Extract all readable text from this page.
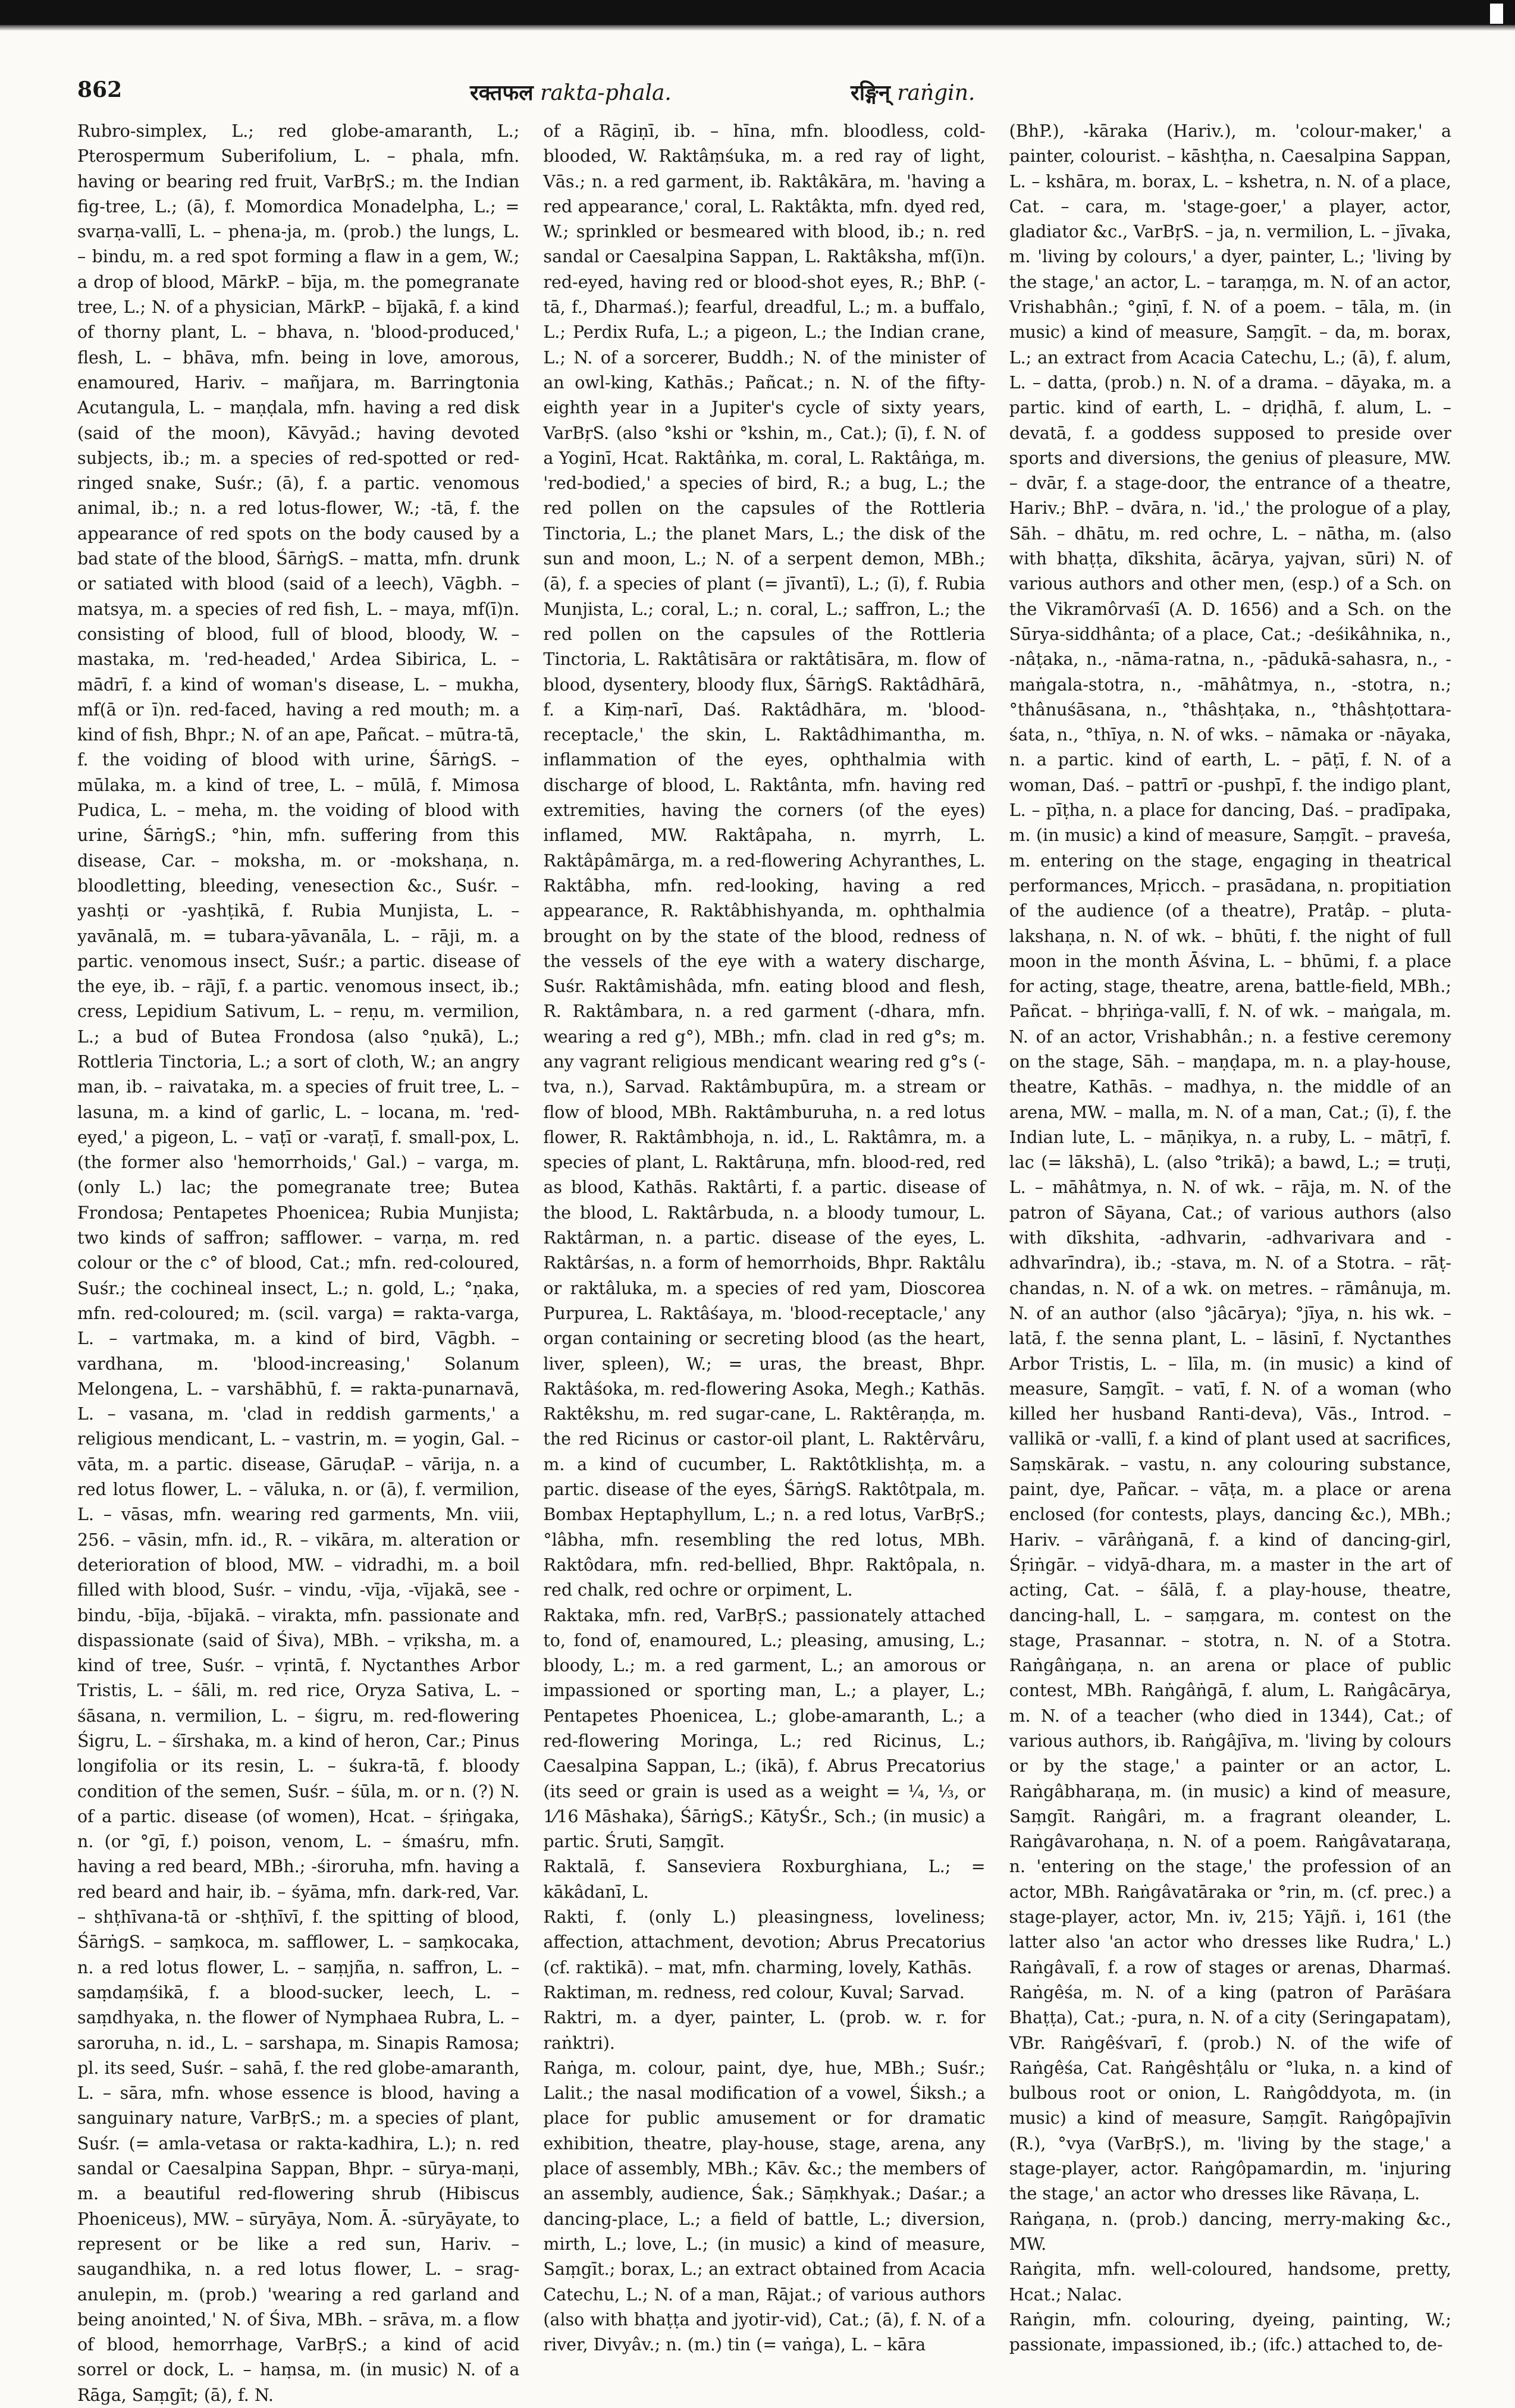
862	रक्तफल rakta-phala.	रङ्गिन् raṅgin.

Rubro-simplex, L.; red globe-amaranth, L.; Pterospermum Suberifolium, L. – phala, mfn. having or bearing red fruit, VarBṛS.; m. the Indian fig-tree, L.; (ā), f. Momordica Monadelpha, L.; = svarṇa-vallī, L. – phena-ja, m. (prob.) the lungs, L. – bindu, m. a red spot forming a flaw in a gem, W.; a drop of blood, MārkP. – bīja, m. the pomegranate tree, L.; N. of a physician, MārkP. – bījakā, f. a kind of thorny plant, L. – bhava, n. 'blood-produced,' flesh, L. – bhāva, mfn. being in love, amorous, enamoured, Hariv. – mañjara, m. Barringtonia Acutangula, L. – maṇḍala, mfn. having a red disk (said of the moon), Kāvyād.; having devoted subjects, ib.; m. a species of red-spotted or red-ringed snake, Suśr.; (ā), f. a partic. venomous animal, ib.; n. a red lotus-flower, W.; -tā, f. the appearance of red spots on the body caused by a bad state of the blood, ŚārṅgS. – matta, mfn. drunk or satiated with blood (said of a leech), Vāgbh. – matsya, m. a species of red fish, L. – maya, mf(ī)n. consisting of blood, full of blood, bloody, W. – mastaka, m. 'red-headed,' Ardea Sibirica, L. – mādrī, f. a kind of woman's disease, L. – mukha, mf(ā or ī)n. red-faced, having a red mouth; m. a kind of fish, Bhpr.; N. of an ape, Pañcat. – mūtra-tā, f. the voiding of blood with urine, ŚārṅgS. – mūlaka, m. a kind of tree, L. – mūlā, f. Mimosa Pudica, L. – meha, m. the voiding of blood with urine, ŚārṅgS.; °hin, mfn. suffering from this disease, Car. – moksha, m. or -mokshaṇa, n. bloodletting, bleeding, venesection &c., Suśr. – yashṭi or -yashṭikā, f. Rubia Munjista, L. – yavānalā, m. = tubara-yāvanāla, L. – rāji, m. a partic. venomous insect, Suśr.; a partic. disease of the eye, ib. – rājī, f. a partic. venomous insect, ib.; cress, Lepidium Sativum, L. – reṇu, m. vermilion, L.; a bud of Butea Frondosa (also °ṇukā), L.; Rottleria Tinctoria, L.; a sort of cloth, W.; an angry man, ib. – raivataka, m. a species of fruit tree, L. – lasuna, m. a kind of garlic, L. – locana, m. 'red-eyed,' a pigeon, L. – vaṭī or -varaṭī, f. small-pox, L. (the former also 'hemorrhoids,' Gal.) – varga, m. (only L.) lac; the pomegranate tree; Butea Frondosa; Pentapetes Phoenicea; Rubia Munjista; two kinds of saffron; safflower. – varṇa, m. red colour or the c° of blood, Cat.; mfn. red-coloured, Suśr.; the cochineal insect, L.; n. gold, L.; °ṇaka, mfn. red-coloured; m. (scil. varga) = rakta-varga, L. – vartmaka, m. a kind of bird, Vāgbh. – vardhana, m. 'blood-increasing,' Solanum Melongena, L. – varshābhū, f. = rakta-punarnavā, L. – vasana, m. 'clad in reddish garments,' a religious mendicant, L. – vastrin, m. = yogin, Gal. – vāta, m. a partic. disease, GāruḍaP. – vārija, n. a red lotus flower, L. – vāluka, n. or (ā), f. vermilion, L. – vāsas, mfn. wearing red garments, Mn. viii, 256. – vāsin, mfn. id., R. – vikāra, m. alteration or deterioration of blood, MW. – vidradhi, m. a boil filled with blood, Suśr. – vindu, -vīja, -vījakā, see -bindu, -bīja, -bījakā. – virakta, mfn. passionate and dispassionate (said of Śiva), MBh. – vṛiksha, m. a kind of tree, Suśr. – vṛintā, f. Nyctanthes Arbor Tristis, L. – śāli, m. red rice, Oryza Sativa, L. – śāsana, n. vermilion, L. – śigru, m. red-flowering Śigru, L. – śīrshaka, m. a kind of heron, Car.; Pinus longifolia or its resin, L. – śukra-tā, f. bloody condition of the semen, Suśr. – śūla, m. or n. (?) N. of a partic. disease (of women), Hcat. – śṛiṅgaka, n. (or °gī, f.) poison, venom, L. – śmaśru, mfn. having a red beard, MBh.; -śiroruha, mfn. having a red beard and hair, ib. – śyāma, mfn. dark-red, Var. – shṭhīvana-tā or -shṭhīvī, f. the spitting of blood, ŚārṅgS. – saṃkoca, m. safflower, L. – saṃkocaka, n. a red lotus flower, L. – saṃjña, n. saffron, L. – saṃdaṃśikā, f. a blood-sucker, leech, L. – saṃdhyaka, n. the flower of Nymphaea Rubra, L. – saroruha, n. id., L. – sarshapa, m. Sinapis Ramosa; pl. its seed, Suśr. – sahā, f. the red globe-amaranth, L. – sāra, mfn. whose essence is blood, having a sanguinary nature, VarBṛS.; m. a species of plant, Suśr. (= amla-vetasa or rakta-kadhira, L.); n. red sandal or Caesalpina Sappan, Bhpr. – sūrya-maṇi, m. a beautiful red-flowering shrub (Hibiscus Phoeniceus), MW. – sūryāya, Nom. Ā. -sūryāyate, to represent or be like a red sun, Hariv. – saugandhika, n. a red lotus flower, L. – srag-anulepin, m. (prob.) 'wearing a red garland and being anointed,' N. of Śiva, MBh. – srāva, m. a flow of blood, hemorrhage, VarBṛS.; a kind of acid sorrel or dock, L. – haṃsa, m. (in music) N. of a Rāga, Saṃgīt; (ā), f. N.

of a Rāgiṇī, ib. – hīna, mfn. bloodless, cold-blooded, W. Raktâṃśuka, m. a red ray of light, Vās.; n. a red garment, ib. Raktâkāra, m. 'having a red appearance,' coral, L. Raktâkta, mfn. dyed red, W.; sprinkled or besmeared with blood, ib.; n. red sandal or Caesalpina Sappan, L. Raktâksha, mf(ī)n. red-eyed, having red or blood-shot eyes, R.; BhP. (-tā, f., Dharmaś.); fearful, dreadful, L.; m. a buffalo, L.; Perdix Rufa, L.; a pigeon, L.; the Indian crane, L.; N. of a sorcerer, Buddh.; N. of the minister of an owl-king, Kathās.; Pañcat.; n. N. of the fifty-eighth year in a Jupiter's cycle of sixty years, VarBṛS. (also °kshi or °kshin, m., Cat.); (ī), f. N. of a Yoginī, Hcat. Raktâṅka, m. coral, L. Raktâṅga, m. 'red-bodied,' a species of bird, R.; a bug, L.; the red pollen on the capsules of the Rottleria Tinctoria, L.; the planet Mars, L.; the disk of the sun and moon, L.; N. of a serpent demon, MBh.; (ā), f. a species of plant (= jīvantī), L.; (ī), f. Rubia Munjista, L.; coral, L.; n. coral, L.; saffron, L.; the red pollen on the capsules of the Rottleria Tinctoria, L. Raktâtisāra or raktâtisāra, m. flow of blood, dysentery, bloody flux, ŚārṅgS. Raktâdhārā, f. a Kiṃ-narī, Daś. Raktâdhāra, m. 'blood-receptacle,' the skin, L. Raktâdhimantha, m. inflammation of the eyes, ophthalmia with discharge of blood, L. Raktânta, mfn. having red extremities, having the corners (of the eyes) inflamed, MW. Raktâpaha, n. myrrh, L. Raktâpâmārga, m. a red-flowering Achyranthes, L. Raktâbha, mfn. red-looking, having a red appearance, R. Raktâbhishyanda, m. ophthalmia brought on by the state of the blood, redness of the vessels of the eye with a watery discharge, Suśr. Raktâmishâda, mfn. eating blood and flesh, R. Raktâmbara, n. a red garment (-dhara, mfn. wearing a red g°), MBh.; mfn. clad in red g°s; m. any vagrant religious mendicant wearing red g°s (-tva, n.), Sarvad. Raktâmbupūra, m. a stream or flow of blood, MBh. Raktâmburuha, n. a red lotus flower, R. Raktâmbhoja, n. id., L. Raktâmra, m. a species of plant, L. Raktâruṇa, mfn. blood-red, red as blood, Kathās. Raktârti, f. a partic. disease of the blood, L. Raktârbuda, n. a bloody tumour, L. Raktârman, n. a partic. disease of the eyes, L. Raktârśas, n. a form of hemorrhoids, Bhpr. Raktâlu or raktâluka, m. a species of red yam, Dioscorea Purpurea, L. Raktâśaya, m. 'blood-receptacle,' any organ containing or secreting blood (as the heart, liver, spleen), W.; = uras, the breast, Bhpr. Raktâśoka, m. red-flowering Asoka, Megh.; Kathās. Raktêkshu, m. red sugar-cane, L. Raktêraṇḍa, m. the red Ricinus or castor-oil plant, L. Raktêrvâru, m. a kind of cucumber, L. Raktôtklishṭa, m. a partic. disease of the eyes, ŚārṅgS. Raktôtpala, m. Bombax Heptaphyllum, L.; n. a red lotus, VarBṛS.; °lâbha, mfn. resembling the red lotus, MBh. Raktôdara, mfn. red-bellied, Bhpr. Raktôpala, n. red chalk, red ochre or orpiment, L.

Raktaka, mfn. red, VarBṛS.; passionately attached to, fond of, enamoured, L.; pleasing, amusing, L.; bloody, L.; m. a red garment, L.; an amorous or impassioned or sporting man, L.; a player, L.; Pentapetes Phoenicea, L.; globe-amaranth, L.; a red-flowering Moringa, L.; red Ricinus, L.; Caesalpina Sappan, L.; (ikā), f. Abrus Precatorius (its seed or grain is used as a weight = ¼, ⅓, or 1⁄16 Māshaka), ŚārṅgS.; KātyŚr., Sch.; (in music) a partic. Śruti, Saṃgīt.

Raktalā, f. Sanseviera Roxburghiana, L.; = kākâdanī, L.

Rakti, f. (only L.) pleasingness, loveliness; affection, attachment, devotion; Abrus Precatorius (cf. raktikā). – mat, mfn. charming, lovely, Kathās.

Raktiman, m. redness, red colour, Kuval; Sarvad.

Raktri, m. a dyer, painter, L. (prob. w. r. for raṅktri).

Raṅga, m. colour, paint, dye, hue, MBh.; Suśr.; Lalit.; the nasal modification of a vowel, Śiksh.; a place for public amusement or for dramatic exhibition, theatre, play-house, stage, arena, any place of assembly, MBh.; Kāv. &c.; the members of an assembly, audience, Śak.; Sāṃkhyak.; Daśar.; a dancing-place, L.; a field of battle, L.; diversion, mirth, L.; love, L.; (in music) a kind of measure, Saṃgīt.; borax, L.; an extract obtained from Acacia Catechu, L.; N. of a man, Rājat.; of various authors (also with bhaṭṭa and jyotir-vid), Cat.; (ā), f. N. of a river, Divyâv.; n. (m.) tin (= vaṅga), L. – kāra

(BhP.), -kāraka (Hariv.), m. 'colour-maker,' a painter, colourist. – kāshṭha, n. Caesalpina Sappan, L. – kshāra, m. borax, L. – kshetra, n. N. of a place, Cat. – cara, m. 'stage-goer,' a player, actor, gladiator &c., VarBṛS. – ja, n. vermilion, L. – jīvaka, m. 'living by colours,' a dyer, painter, L.; 'living by the stage,' an actor, L. – taraṃga, m. N. of an actor, Vrishabhân.; °giṇī, f. N. of a poem. – tāla, m. (in music) a kind of measure, Saṃgīt. – da, m. borax, L.; an extract from Acacia Catechu, L.; (ā), f. alum, L. – datta, (prob.) n. N. of a drama. – dāyaka, m. a partic. kind of earth, L. – dṛiḍhā, f. alum, L. – devatā, f. a goddess supposed to preside over sports and diversions, the genius of pleasure, MW. – dvār, f. a stage-door, the entrance of a theatre, Hariv.; BhP. – dvāra, n. 'id.,' the prologue of a play, Sāh. – dhātu, m. red ochre, L. – nātha, m. (also with bhaṭṭa, dīkshita, ācārya, yajvan, sūri) N. of various authors and other men, (esp.) of a Sch. on the Vikramôrvaśī (A. D. 1656) and a Sch. on the Sūrya-siddhânta; of a place, Cat.; -deśikâhnika, n., -nâṭaka, n., -nāma-ratna, n., -pādukā-sahasra, n., -maṅgala-stotra, n., -māhâtmya, n., -stotra, n.; °thânuśāsana, n., °thâshṭaka, n., °thâshṭottara-śata, n., °thīya, n. N. of wks. – nāmaka or -nāyaka, n. a partic. kind of earth, L. – pāṭī, f. N. of a woman, Daś. – pattrī or -pushpī, f. the indigo plant, L. – pīṭha, n. a place for dancing, Daś. – pradīpaka, m. (in music) a kind of measure, Saṃgīt. – praveśa, m. entering on the stage, engaging in theatrical performances, Mṛicch. – prasādana, n. propitiation of the audience (of a theatre), Pratâp. – pluta-lakshaṇa, n. N. of wk. – bhūti, f. the night of full moon in the month Āśvina, L. – bhūmi, f. a place for acting, stage, theatre, arena, battle-field, MBh.; Pañcat. – bhṛiṅga-vallī, f. N. of wk. – maṅgala, m. N. of an actor, Vrishabhân.; n. a festive ceremony on the stage, Sāh. – maṇḍapa, m. n. a play-house, theatre, Kathās. – madhya, n. the middle of an arena, MW. – malla, m. N. of a man, Cat.; (ī), f. the Indian lute, L. – māṇikya, n. a ruby, L. – mātṛī, f. lac (= lākshā), L. (also °trikā); a bawd, L.; = truṭi, L. – māhâtmya, n. N. of wk. – rāja, m. N. of the patron of Sāyana, Cat.; of various authors (also with dīkshita, -adhvarin, -adhvarivara and -adhvarīndra), ib.; -stava, m. N. of a Stotra. – rāṭ-chandas, n. N. of a wk. on metres. – rāmânuja, m. N. of an author (also °jâcārya); °jīya, n. his wk. – latā, f. the senna plant, L. – lāsinī, f. Nyctanthes Arbor Tristis, L. – līla, m. (in music) a kind of measure, Saṃgīt. – vatī, f. N. of a woman (who killed her husband Ranti-deva), Vās., Introd. – vallikā or -vallī, f. a kind of plant used at sacrifices, Saṃskārak. – vastu, n. any colouring substance, paint, dye, Pañcar. – vāṭa, m. a place or arena enclosed (for contests, plays, dancing &c.), MBh.; Hariv. – vārâṅganā, f. a kind of dancing-girl, Śṛiṅgār. – vidyā-dhara, m. a master in the art of acting, Cat. – śālā, f. a play-house, theatre, dancing-hall, L. – saṃgara, m. contest on the stage, Prasannar. – stotra, n. N. of a Stotra. Raṅgâṅgaṇa, n. an arena or place of public contest, MBh. Raṅgâṅgā, f. alum, L. Raṅgâcārya, m. N. of a teacher (who died in 1344), Cat.; of various authors, ib. Raṅgâjīva, m. 'living by colours or by the stage,' a painter or an actor, L. Raṅgâbharaṇa, m. (in music) a kind of measure, Saṃgīt. Raṅgâri, m. a fragrant oleander, L. Raṅgâvarohaṇa, n. N. of a poem. Raṅgâvataraṇa, n. 'entering on the stage,' the profession of an actor, MBh. Raṅgâvatāraka or °rin, m. (cf. prec.) a stage-player, actor, Mn. iv, 215; Yājñ. i, 161 (the latter also 'an actor who dresses like Rudra,' L.) Raṅgâvalī, f. a row of stages or arenas, Dharmaś. Raṅgêśa, m. N. of a king (patron of Parāśara Bhaṭṭa), Cat.; -pura, n. N. of a city (Seringapatam), VBr. Raṅgêśvarī, f. (prob.) N. of the wife of Raṅgêśa, Cat. Raṅgêshṭâlu or °luka, n. a kind of bulbous root or onion, L. Raṅgôddyota, m. (in music) a kind of measure, Saṃgīt. Raṅgôpajīvin (R.), °vya (VarBṛS.), m. 'living by the stage,' a stage-player, actor. Raṅgôpamardin, m. 'injuring the stage,' an actor who dresses like Rāvaṇa, L.

Raṅgaṇa, n. (prob.) dancing, merry-making &c., MW.

Raṅgita, mfn. well-coloured, handsome, pretty, Hcat.; Nalac.

Raṅgin, mfn. colouring, dyeing, painting, W.; passionate, impassioned, ib.; (ifc.) attached to, de-
